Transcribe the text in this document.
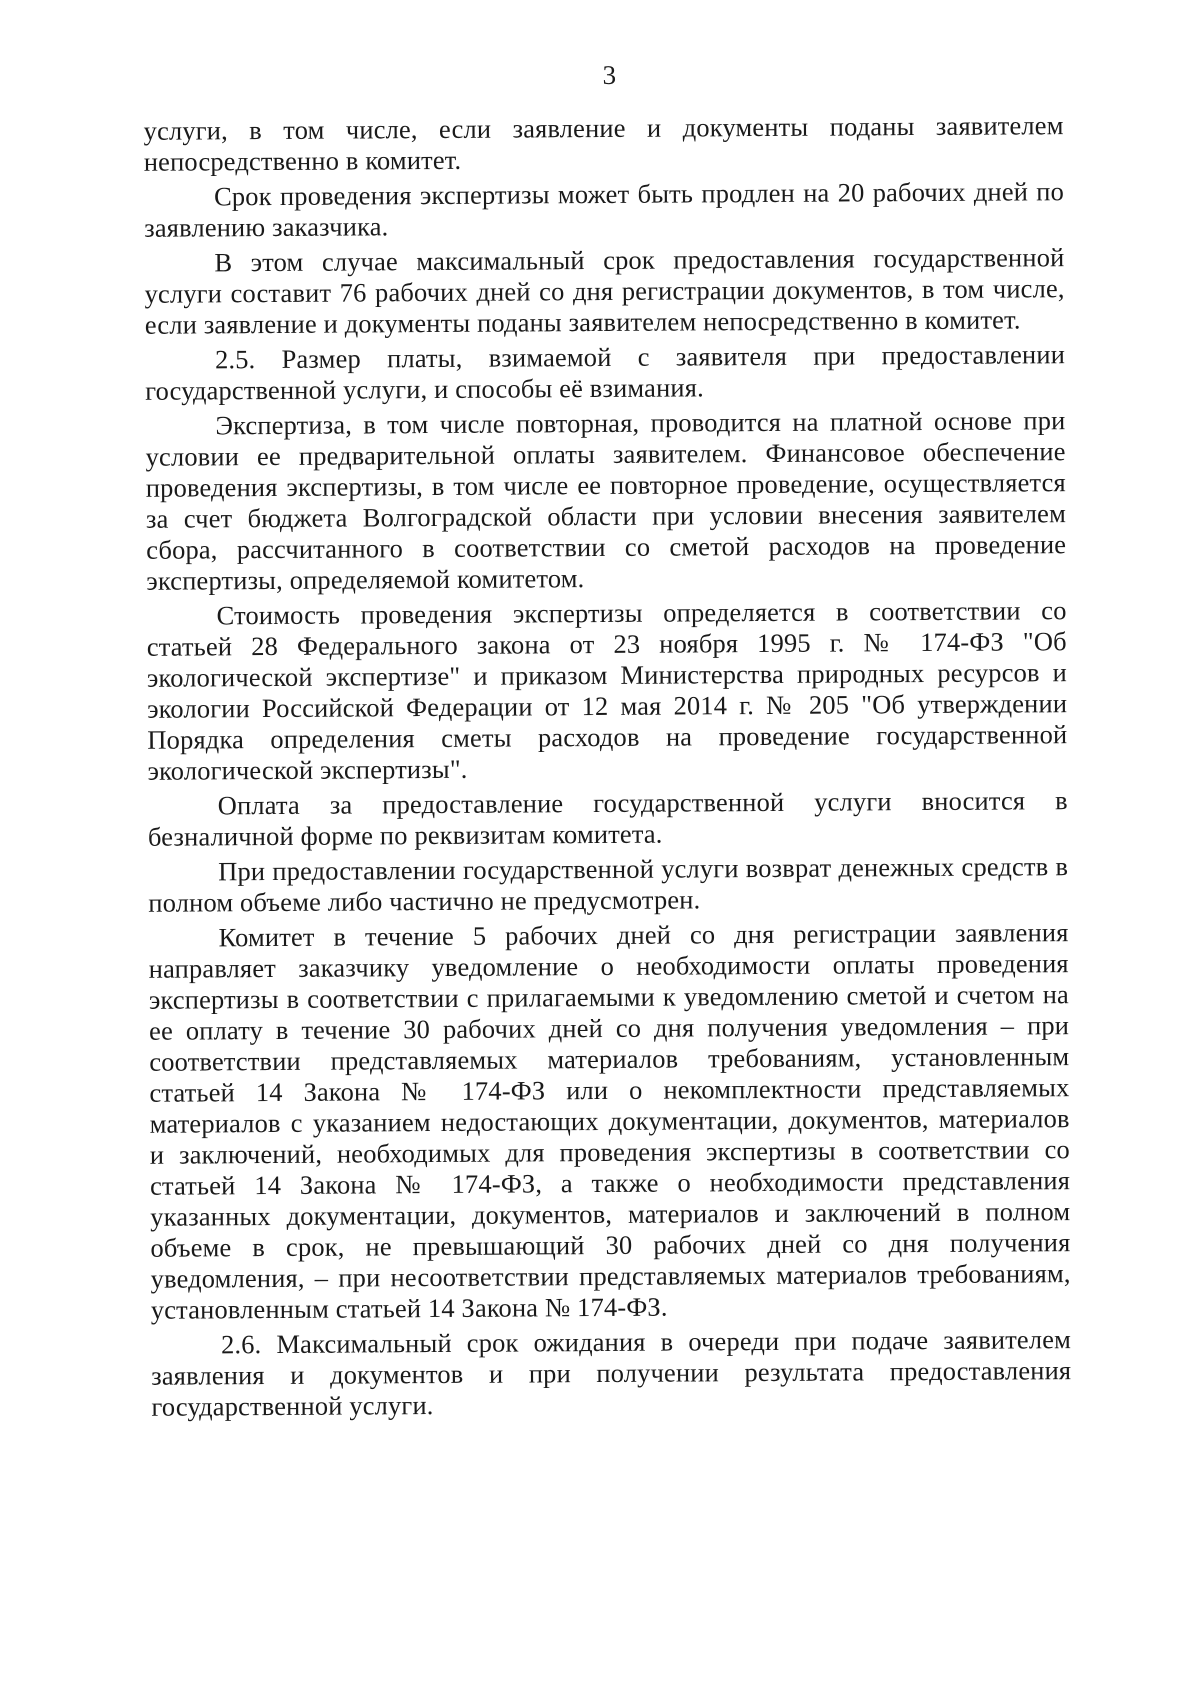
3

услуги, в том числе, если заявление и документы поданы заявителем непосредственно в комитет.

Срок проведения экспертизы может быть продлен на 20 рабочих дней по заявлению заказчика.

В этом случае максимальный срок предоставления государственной услуги составит 76 рабочих дней со дня регистрации документов, в том числе, если заявление и документы поданы заявителем непосредственно в комитет.

2.5. Размер платы, взимаемой с заявителя при предоставлении государственной услуги, и способы её взимания.

Экспертиза, в том числе повторная, проводится на платной основе при условии ее предварительной оплаты заявителем. Финансовое обеспечение проведения экспертизы, в том числе ее повторное проведение, осуществляется за счет бюджета Волгоградской области при условии внесения заявителем сбора, рассчитанного в соответствии со сметой расходов на проведение экспертизы, определяемой комитетом.

Стоимость проведения экспертизы определяется в соответствии со статьей 28 Федерального закона от 23 ноября 1995 г. № 174-ФЗ "Об экологической экспертизе" и приказом Министерства природных ресурсов и экологии Российской Федерации от 12 мая 2014 г. № 205 "Об утверждении Порядка определения сметы расходов на проведение государственной экологической экспертизы".

Оплата за предоставление государственной услуги вносится в безналичной форме по реквизитам комитета.

При предоставлении государственной услуги возврат денежных средств в полном объеме либо частично не предусмотрен.

Комитет в течение 5 рабочих дней со дня регистрации заявления направляет заказчику уведомление о необходимости оплаты проведения экспертизы в соответствии с прилагаемыми к уведомлению сметой и счетом на ее оплату в течение 30 рабочих дней со дня получения уведомления – при соответствии представляемых материалов требованиям, установленным статьей 14 Закона № 174-ФЗ или о некомплектности представляемых материалов с указанием недостающих документации, документов, материалов и заключений, необходимых для проведения экспертизы в соответствии со статьей 14 Закона № 174-ФЗ, а также о необходимости представления указанных документации, документов, материалов и заключений в полном объеме в срок, не превышающий 30 рабочих дней со дня получения уведомления, – при несоответствии представляемых материалов требованиям, установленным статьей 14 Закона № 174-ФЗ.

2.6. Максимальный срок ожидания в очереди при подаче заявителем заявления и документов и при получении результата предоставления государственной услуги.
